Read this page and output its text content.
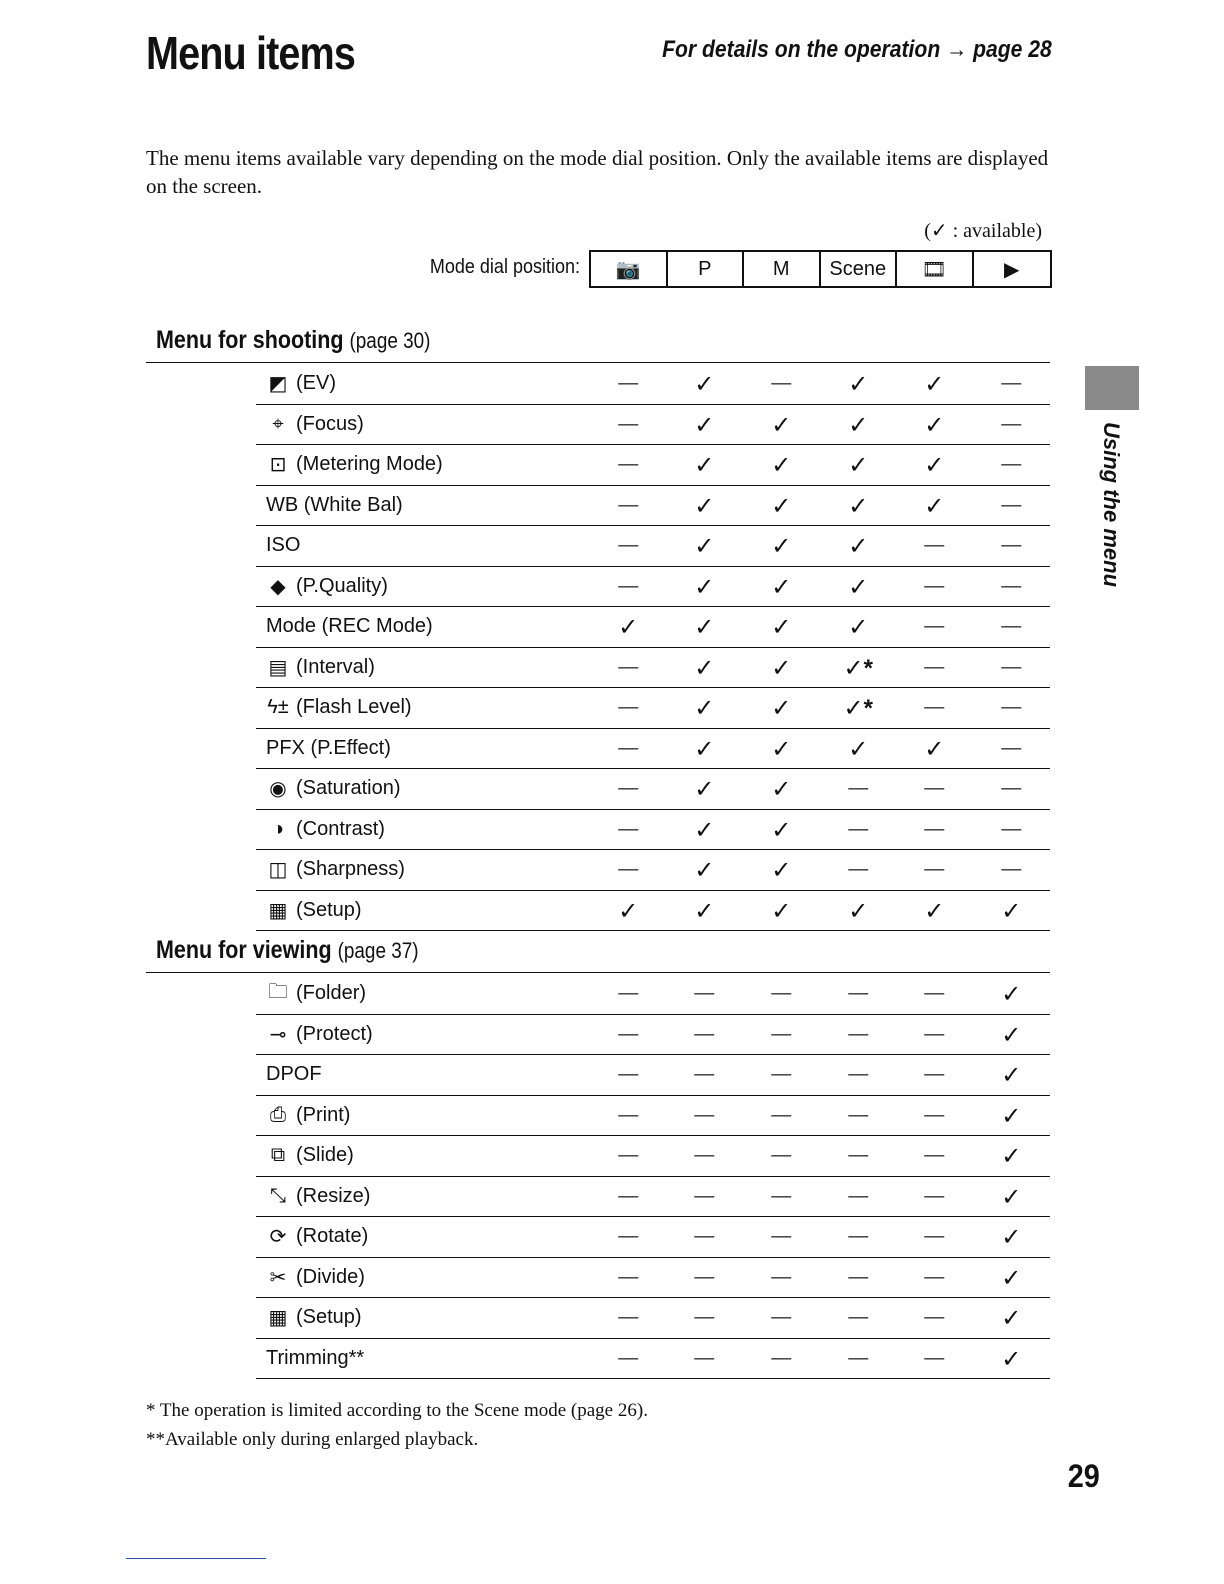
Menu items	For details on the operation → page 28
The menu items available vary depending on the mode dial position. Only the available items are displayed on the screen.
(✓ : available)
Mode dial position:	📷	P	M	Scene	🎞	▶
Menu for shooting (page 30)
◩ (EV)	—	✓	—	✓	✓	—
⌖ (Focus)	—	✓	✓	✓	✓	—
⊡ (Metering Mode)	—	✓	✓	✓	✓	—
WB (White Bal)	—	✓	✓	✓	✓	—
ISO	—	✓	✓	✓	—	—
◆ (P.Quality)	—	✓	✓	✓	—	—
Mode (REC Mode)	✓	✓	✓	✓	—	—
▤ (Interval)	—	✓	✓	✓*	—	—
ϟ± (Flash Level)	—	✓	✓	✓*	—	—
PFX (P.Effect)	—	✓	✓	✓	✓	—
◉ (Saturation)	—	✓	✓	—	—	—
◑ (Contrast)	—	✓	✓	—	—	—
◫ (Sharpness)	—	✓	✓	—	—	—
▦ (Setup)	✓	✓	✓	✓	✓	✓
Menu for viewing (page 37)
🗀 (Folder)	—	—	—	—	—	✓
⊸ (Protect)	—	—	—	—	—	✓
DPOF	—	—	—	—	—	✓
⎙ (Print)	—	—	—	—	—	✓
⧉ (Slide)	—	—	—	—	—	✓
⤡ (Resize)	—	—	—	—	—	✓
⟳ (Rotate)	—	—	—	—	—	✓
✂ (Divide)	—	—	—	—	—	✓
▦ (Setup)	—	—	—	—	—	✓
Trimming**	—	—	—	—	—	✓
* The operation is limited according to the Scene mode (page 26).
**Available only during enlarged playback.
Using the menu
29
